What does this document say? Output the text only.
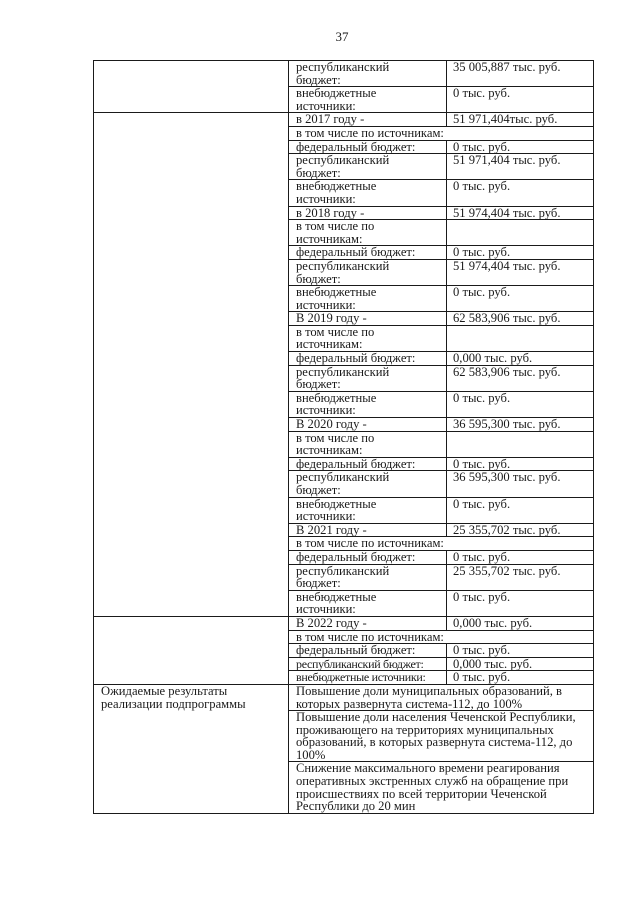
37
	республиканский бюджет:	35 005,887 тыс. руб.
	внебюджетные источники:	0 тыс. руб.
	в 2017 году -	51 971,404тыс. руб.
	в том числе по источникам:	
	федеральный бюджет:	0 тыс. руб.
	республиканский бюджет:	51 971,404 тыс. руб.
	внебюджетные источники:	0 тыс. руб.
	в 2018 году -	51 974,404 тыс. руб.
	в том числе по источникам:	
	федеральный бюджет:	0 тыс. руб.
	республиканский бюджет:	51 974,404 тыс. руб.
	внебюджетные источники:	0 тыс. руб.
	В 2019 году -	62 583,906 тыс. руб.
	в том числе по источникам:	
	федеральный бюджет:	0,000 тыс. руб.
	республиканский бюджет:	62 583,906 тыс. руб.
	внебюджетные источники:	0 тыс. руб.
	В 2020 году -	36 595,300 тыс. руб.
	в том числе по источникам:	
	федеральный бюджет:	0 тыс. руб.
	республиканский бюджет:	36 595,300 тыс. руб.
	внебюджетные источники:	0 тыс. руб.
	В 2021 году -	25 355,702 тыс. руб.
	в том числе по источникам:	
	федеральный бюджет:	0 тыс. руб.
	республиканский бюджет:	25 355,702 тыс. руб.
	внебюджетные источники:	0 тыс. руб.
	В 2022 году -	0,000 тыс. руб.
	в том числе по источникам:	
	федеральный бюджет:	0 тыс. руб.
	республиканский бюджет:	0,000 тыс. руб.
	внебюджетные источники:	0 тыс. руб.
Ожидаемые результаты реализации подпрограммы	Повышение доли муниципальных образований, в которых развернута система-112, до 100%	
	Повышение доли населения Чеченской Республики, проживающего на территориях муниципальных образований, в которых развернута система-112, до 100%	
	Снижение максимального времени реагирования оперативных экстренных служб на обращение при происшествиях по всей территории Чеченской Республики до 20 мин	
